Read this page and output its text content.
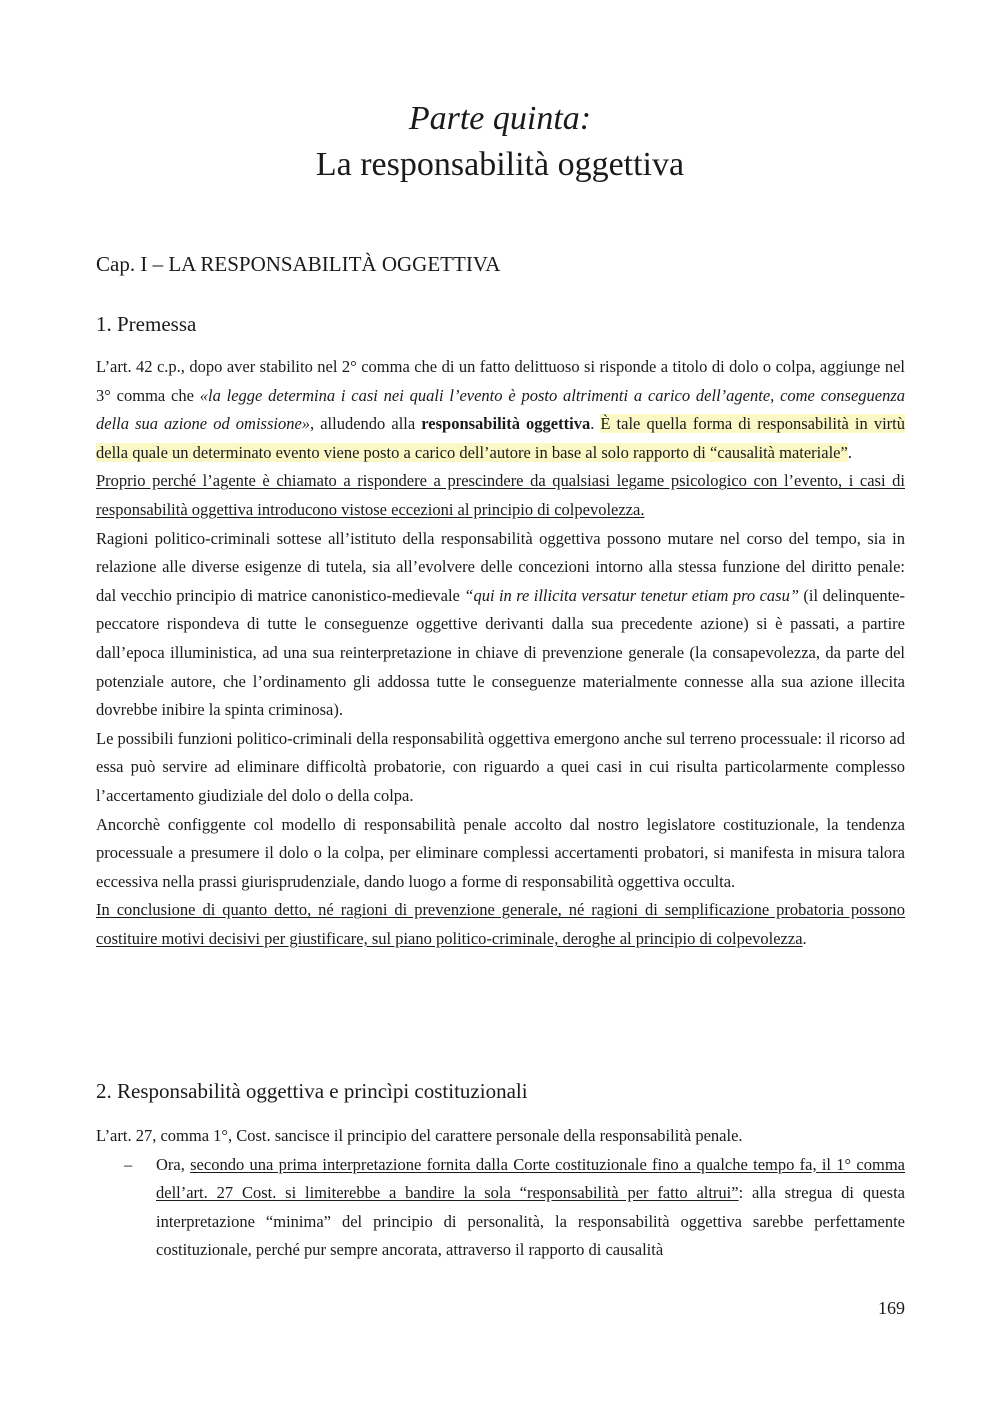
Parte quinta:
La responsabilità oggettiva
Cap. I – LA RESPONSABILITÀ OGGETTIVA
1. Premessa

L’art. 42 c.p., dopo aver stabilito nel 2° comma che di un fatto delittuoso si risponde a titolo di dolo o colpa, aggiunge nel 3° comma che «la legge determina i casi nei quali l’evento è posto altrimenti a carico dell’agente, come conseguenza della sua azione od omissione», alludendo alla responsabilità oggettiva. È tale quella forma di responsabilità in virtù della quale un determinato evento viene posto a carico dell’autore in base al solo rapporto di “causalità materiale”.

Proprio perché l’agente è chiamato a rispondere a prescindere da qualsiasi legame psicologico con l’evento, i casi di responsabilità oggettiva introducono vistose eccezioni al principio di colpevolezza.

Ragioni politico-criminali sottese all’istituto della responsabilità oggettiva possono mutare nel corso del tempo, sia in relazione alle diverse esigenze di tutela, sia all’evolvere delle concezioni intorno alla stessa funzione del diritto penale: dal vecchio principio di matrice canonistico-medievale “qui in re illicita versatur tenetur etiam pro casu” (il delinquente-peccatore rispondeva di tutte le conseguenze oggettive derivanti dalla sua precedente azione) si è passati, a partire dall’epoca illuministica, ad una sua reinterpretazione in chiave di prevenzione generale (la consapevolezza, da parte del potenziale autore, che l’ordinamento gli addossa tutte le conseguenze materialmente connesse alla sua azione illecita dovrebbe inibire la spinta criminosa).

Le possibili funzioni politico-criminali della responsabilità oggettiva emergono anche sul terreno processuale: il ricorso ad essa può servire ad eliminare difficoltà probatorie, con riguardo a quei casi in cui risulta particolarmente complesso l’accertamento giudiziale del dolo o della colpa.

Ancorchè configgente col modello di responsabilità penale accolto dal nostro legislatore costituzionale, la tendenza processuale a presumere il dolo o la colpa, per eliminare complessi accertamenti probatori, si manifesta in misura talora eccessiva nella prassi giurisprudenziale, dando luogo a forme di responsabilità oggettiva occulta.

In conclusione di quanto detto, né ragioni di prevenzione generale, né ragioni di semplificazione probatoria possono costituire motivi decisivi per giustificare, sul piano politico-criminale, deroghe al principio di colpevolezza.

2. Responsabilità oggettiva e princìpi costituzionali

L’art. 27, comma 1°, Cost. sancisce il principio del carattere personale della responsabilità penale.

– Ora, secondo una prima interpretazione fornita dalla Corte costituzionale fino a qualche tempo fa, il 1° comma dell’art. 27 Cost. si limiterebbe a bandire la sola “responsabilità per fatto altrui”: alla stregua di questa interpretazione “minima” del principio di personalità, la responsabilità oggettiva sarebbe perfettamente costituzionale, perché pur sempre ancorata, attraverso il rapporto di causalità

169
